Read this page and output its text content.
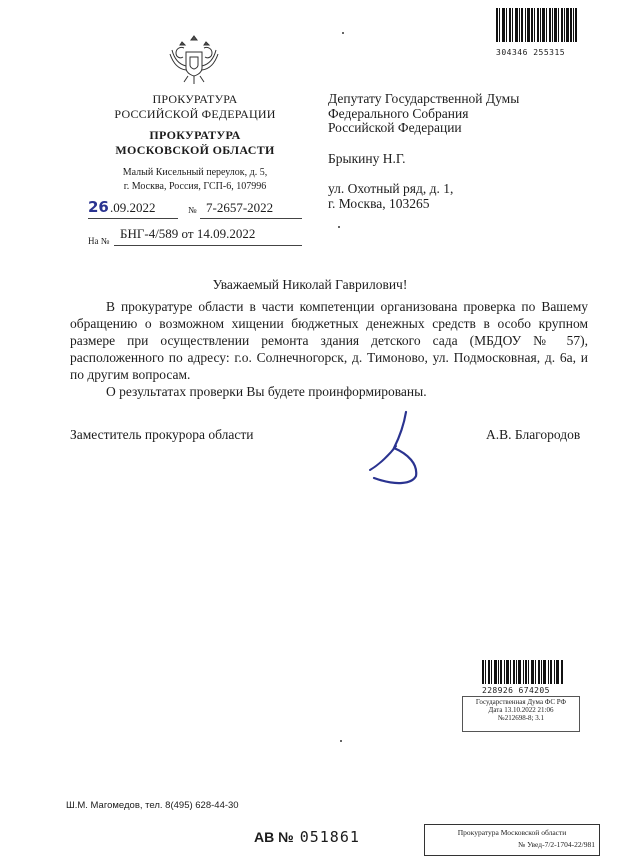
304346 255315
ПРОКУРАТУРА
РОССИЙСКОЙ ФЕДЕРАЦИИ
ПРОКУРАТУРА
МОСКОВСКОЙ ОБЛАСТИ
Малый Кисельный переулок, д. 5,
г. Москва, Россия, ГСП-6, 107996
Депутату Государственной Думы
Федерального Собрания
Российской Федерации
Брыкину Н.Г.
ул. Охотный ряд, д. 1,
г. Москва, 103265
26 .09.2022	№ 7-2657-2022
На № БНГ-4/589 от 14.09.2022
Уважаемый Николай Гаврилович!

В прокуратуре области в части компетенции организована проверка по Вашему обращению о возможном хищении бюджетных денежных средств в особо крупном размере при осуществлении ремонта здания детского сада (МБДОУ № 57), расположенного по адресу: г.о. Солнечногорск, д. Тимоново, ул. Подмосковная, д. 6а, и по другим вопросам.

О результатах проверки Вы будете проинформированы.

Заместитель прокурора области	А.В. Благородов
228926 674205
Государственная Дума ФС РФ
Дата 13.10.2022 21:06
№212698-8; 3.1
Ш.М. Магомедов, тел. 8(495) 628-44-30
АВ № 051861	Прокуратура Московской области
№ Увед-7/2-1704-22/981
